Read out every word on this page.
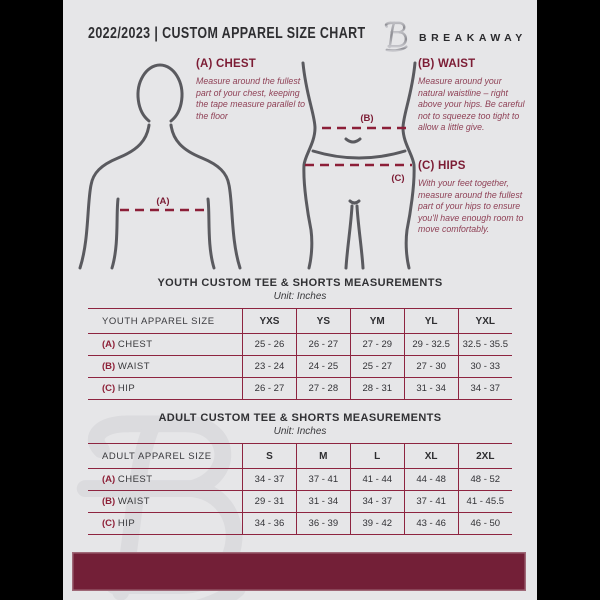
2022/2023 | CUSTOM APPAREL SIZE CHART	BREAKAWAY
(A)
(B)
(C)
(A) CHEST

Measure around the fullest part of your chest, keeping the tape measure parallel to the floor

(B) WAIST

Measure around your natural waistline – right above your hips. Be careful not to squeeze too tight to allow a little give.

(C) HIPS

With your feet together, measure around the fullest part of your hips to ensure you'll have enough room to move comfortably.

YOUTH CUSTOM TEE & SHORTS MEASUREMENTS

Unit: Inches

YOUTH APPAREL SIZE	YXS	YS	YM	YL	YXL
(A) CHEST	25 - 26	26 - 27	27 - 29	29 - 32.5	32.5 - 35.5
(B) WAIST	23 - 24	24 - 25	25 - 27	27 - 30	30 - 33
(C) HIP	26 - 27	27 - 28	28 - 31	31 - 34	34 - 37

ADULT CUSTOM TEE & SHORTS MEASUREMENTS

Unit: Inches

ADULT APPAREL SIZE	S	M	L	XL	2XL
(A) CHEST	34 - 37	37 - 41	41 - 44	44 - 48	48 - 52
(B) WAIST	29 - 31	31 - 34	34 - 37	37 - 41	41 - 45.5
(C) HIP	34 - 36	36 - 39	39 - 42	43 - 46	46 - 50
